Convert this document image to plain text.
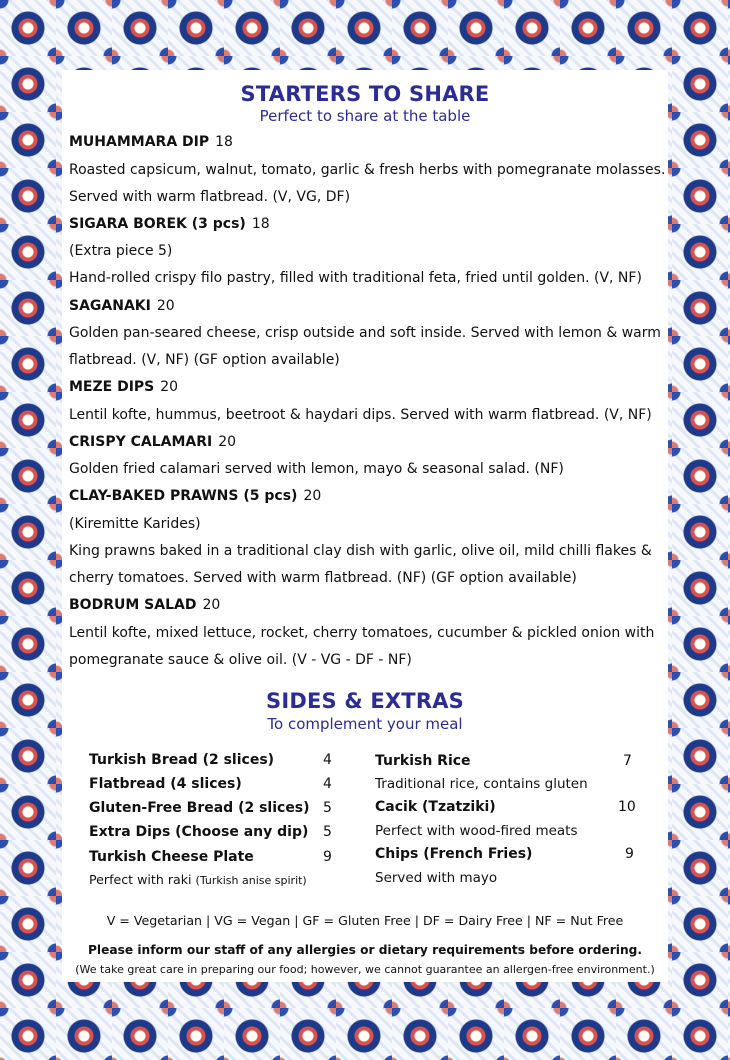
STARTERS TO SHARE
Perfect to share at the table
MUHAMMARA DIP 18
Roasted capsicum, walnut, tomato, garlic & fresh herbs with pomegranate molasses.
Served with warm flatbread. (V, VG, DF)
SIGARA BOREK (3 pcs) 18
(Extra piece 5)
Hand-rolled crispy filo pastry, filled with traditional feta, fried until golden. (V, NF)
SAGANAKI 20
Golden pan-seared cheese, crisp outside and soft inside. Served with lemon & warm
flatbread. (V, NF) (GF option available)
MEZE DIPS 20
Lentil kofte, hummus, beetroot & haydari dips. Served with warm flatbread. (V, NF)
CRISPY CALAMARI 20
Golden fried calamari served with lemon, mayo & seasonal salad. (NF)
CLAY-BAKED PRAWNS (5 pcs) 20
(Kiremitte Karides)
King prawns baked in a traditional clay dish with garlic, olive oil, mild chilli flakes &
cherry tomatoes. Served with warm flatbread. (NF) (GF option available)
BODRUM SALAD 20
Lentil kofte, mixed lettuce, rocket, cherry tomatoes, cucumber & pickled onion with
pomegranate sauce & olive oil. (V - VG - DF - NF)
SIDES & EXTRAS
To complement your meal
Turkish Bread (2 slices)	4
Flatbread (4 slices)	4
Gluten-Free Bread (2 slices) 5
Extra Dips (Choose any dip) 5
Turkish Cheese Plate	9
Perfect with raki (Turkish anise spirit)
Turkish Rice	7
Traditional rice, contains gluten
Cacik (Tzatziki)	10
Perfect with wood-fired meats
Chips (French Fries)	9
Served with mayo
V = Vegetarian | VG = Vegan | GF = Gluten Free | DF = Dairy Free | NF = Nut Free
Please inform our staff of any allergies or dietary requirements before ordering.
(We take great care in preparing our food; however, we cannot guarantee an allergen-free environment.)
